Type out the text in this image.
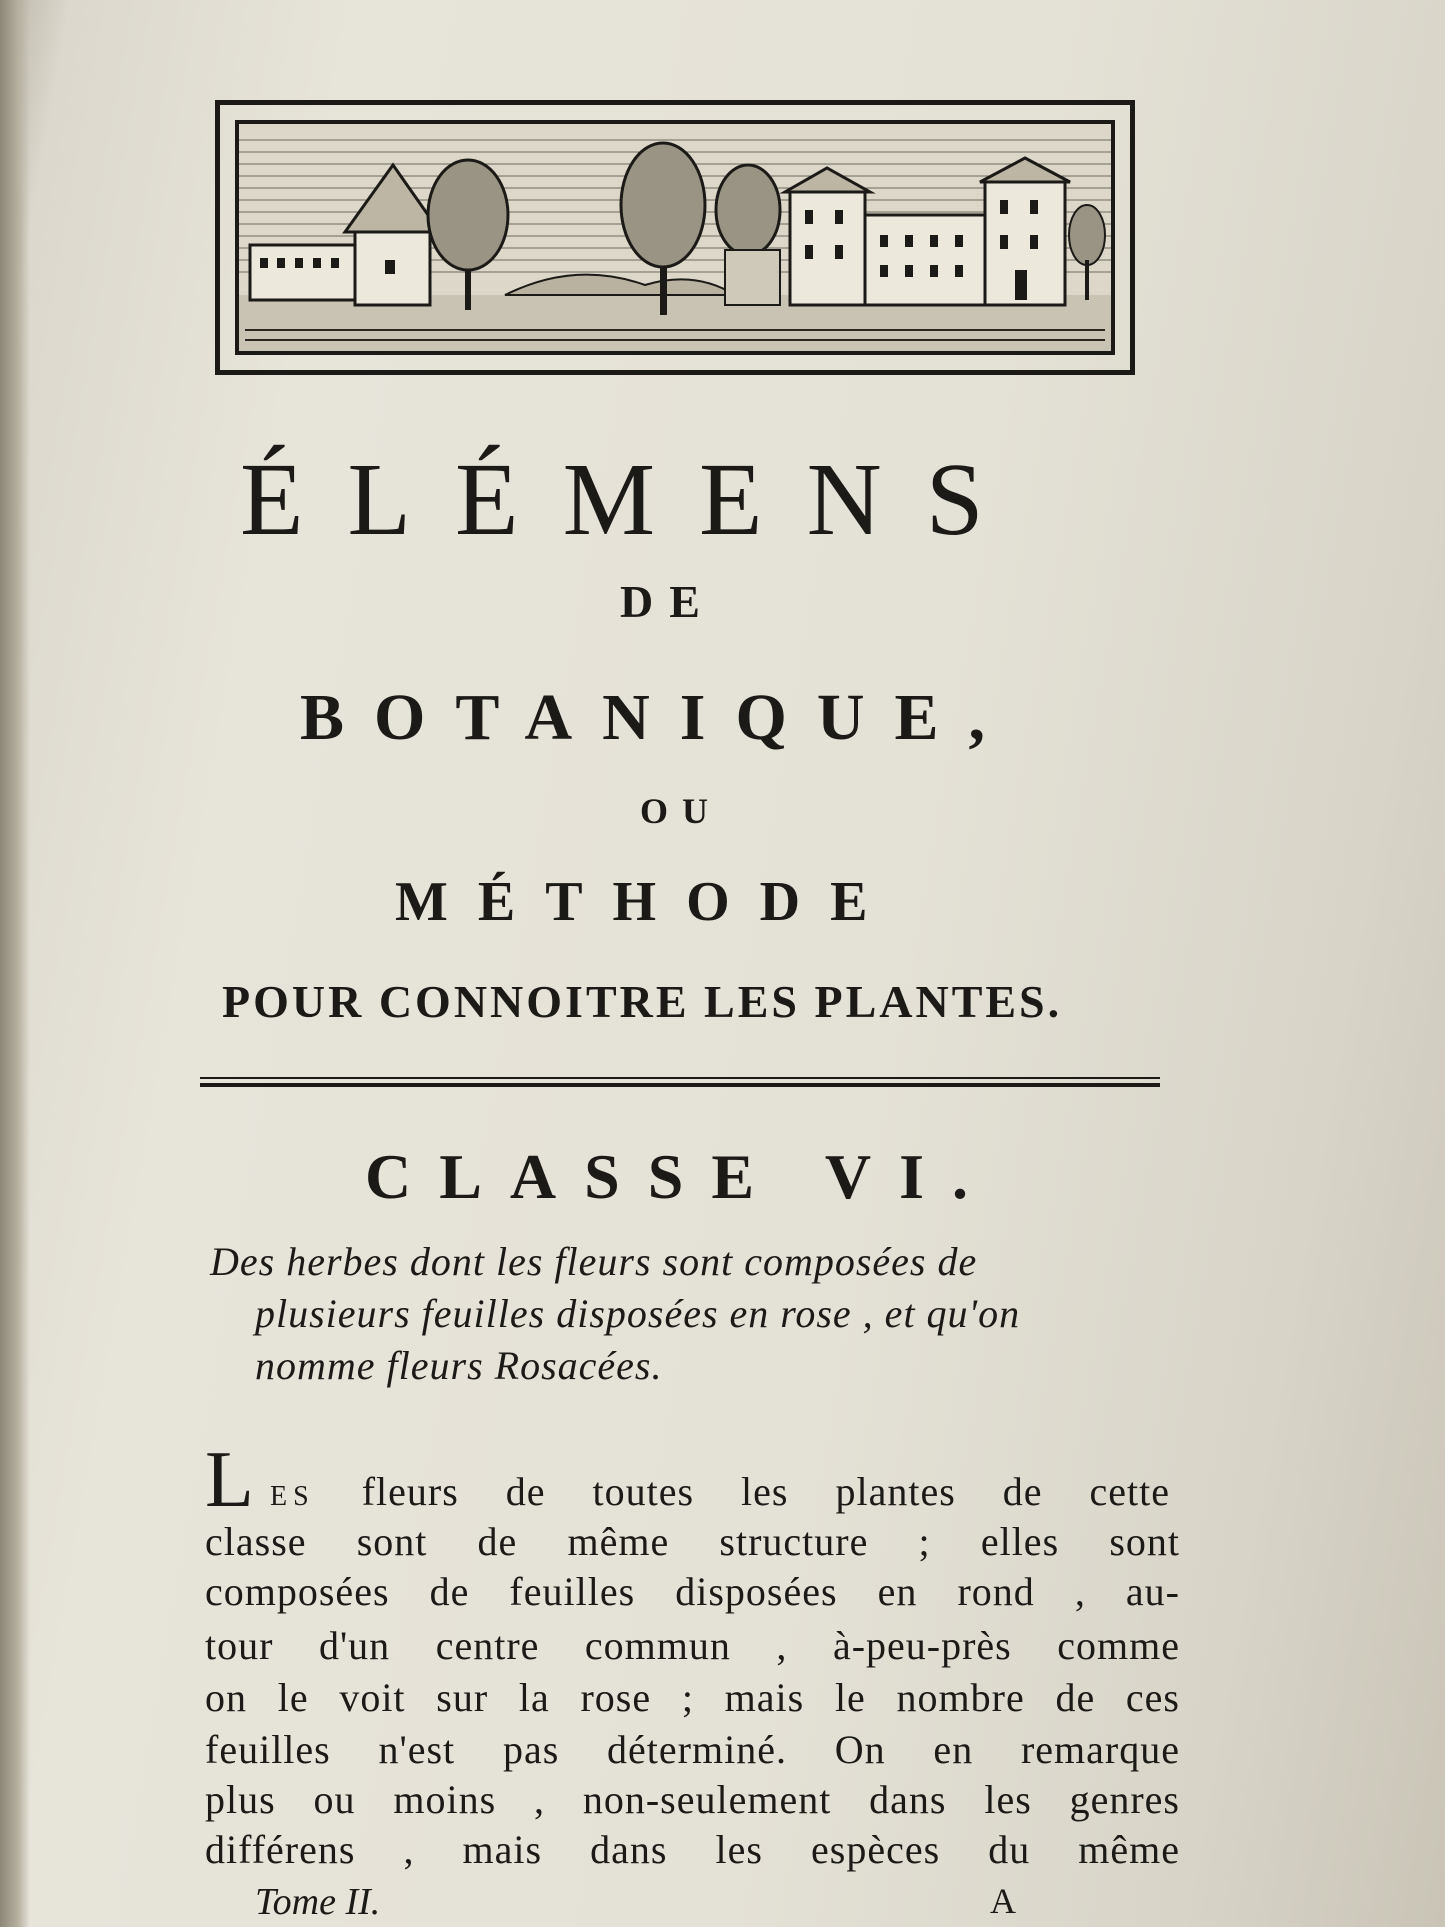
ÉLÉMENS
DE
BOTANIQUE,
OU
MÉTHODE
POUR CONNOITRE LES PLANTES.
CLASSE VI.
Des herbes dont les fleurs sont composées de
plusieurs feuilles disposées en rose , et qu'on
nomme fleurs Rosacées.
L ES fleurs de toutes les plantes de cette
classe sont de même structure ; elles sont
composées de feuilles disposées en rond , au-
tour d'un centre commun , à-peu-près comme
on le voit sur la rose ; mais le nombre de ces
feuilles n'est pas déterminé. On en remarque
plus ou moins , non-seulement dans les genres
différens , mais dans les espèces du même
Tome II.	A
